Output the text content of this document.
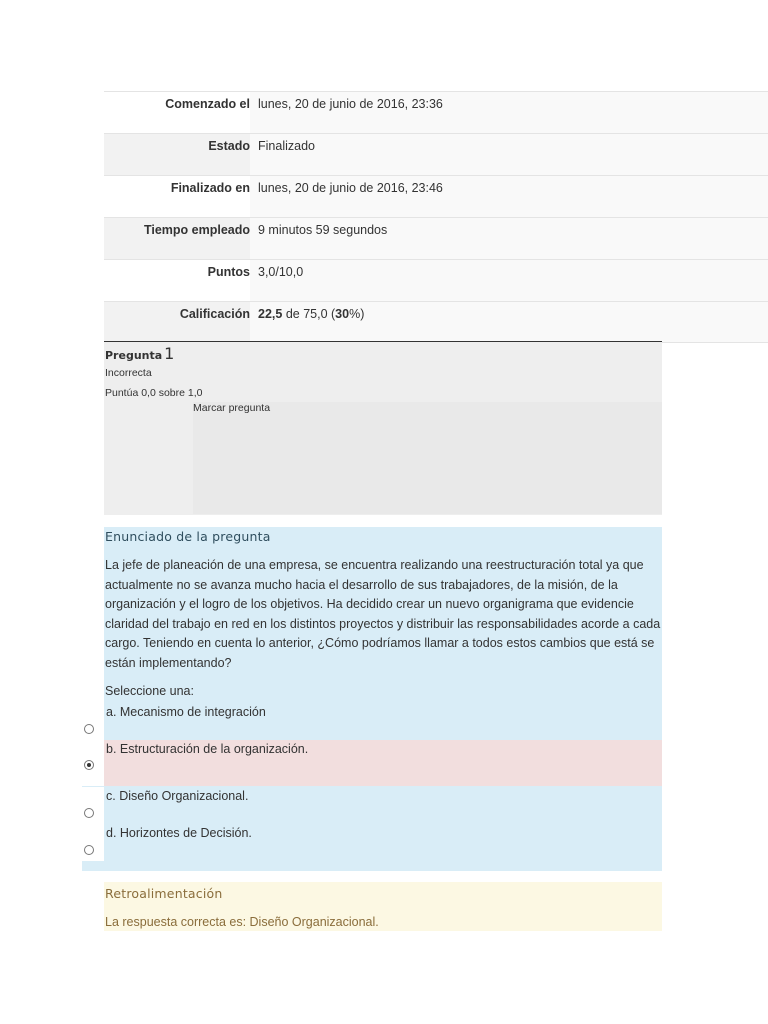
Comenzado el lunes, 20 de junio de 2016, 23:36
Estado Finalizado
Finalizado en lunes, 20 de junio de 2016, 23:46
Tiempo empleado 9 minutos 59 segundos
Puntos 3,0/10,0
Calificación 22,5 de 75,0 (30%)
Pregunta 1
Incorrecta
Puntúa 0,0 sobre 1,0
Marcar pregunta
Enunciado de la pregunta
La jefe de planeación de una empresa, se encuentra realizando una reestructuración total ya que actualmente no se avanza mucho hacia el desarrollo de sus trabajadores, de la misión, de la organización y el logro de los objetivos. Ha decidido crear un nuevo organigrama que evidencie claridad del trabajo en red en los distintos proyectos y distribuir las responsabilidades acorde a cada cargo. Teniendo en cuenta lo anterior, ¿Cómo podríamos llamar a todos estos cambios que está se están implementando?
Seleccione una:
a. Mecanismo de integración
b. Estructuración de la organización.
c. Diseño Organizacional.
d. Horizontes de Decisión.
Retroalimentación
La respuesta correcta es: Diseño Organizacional.
